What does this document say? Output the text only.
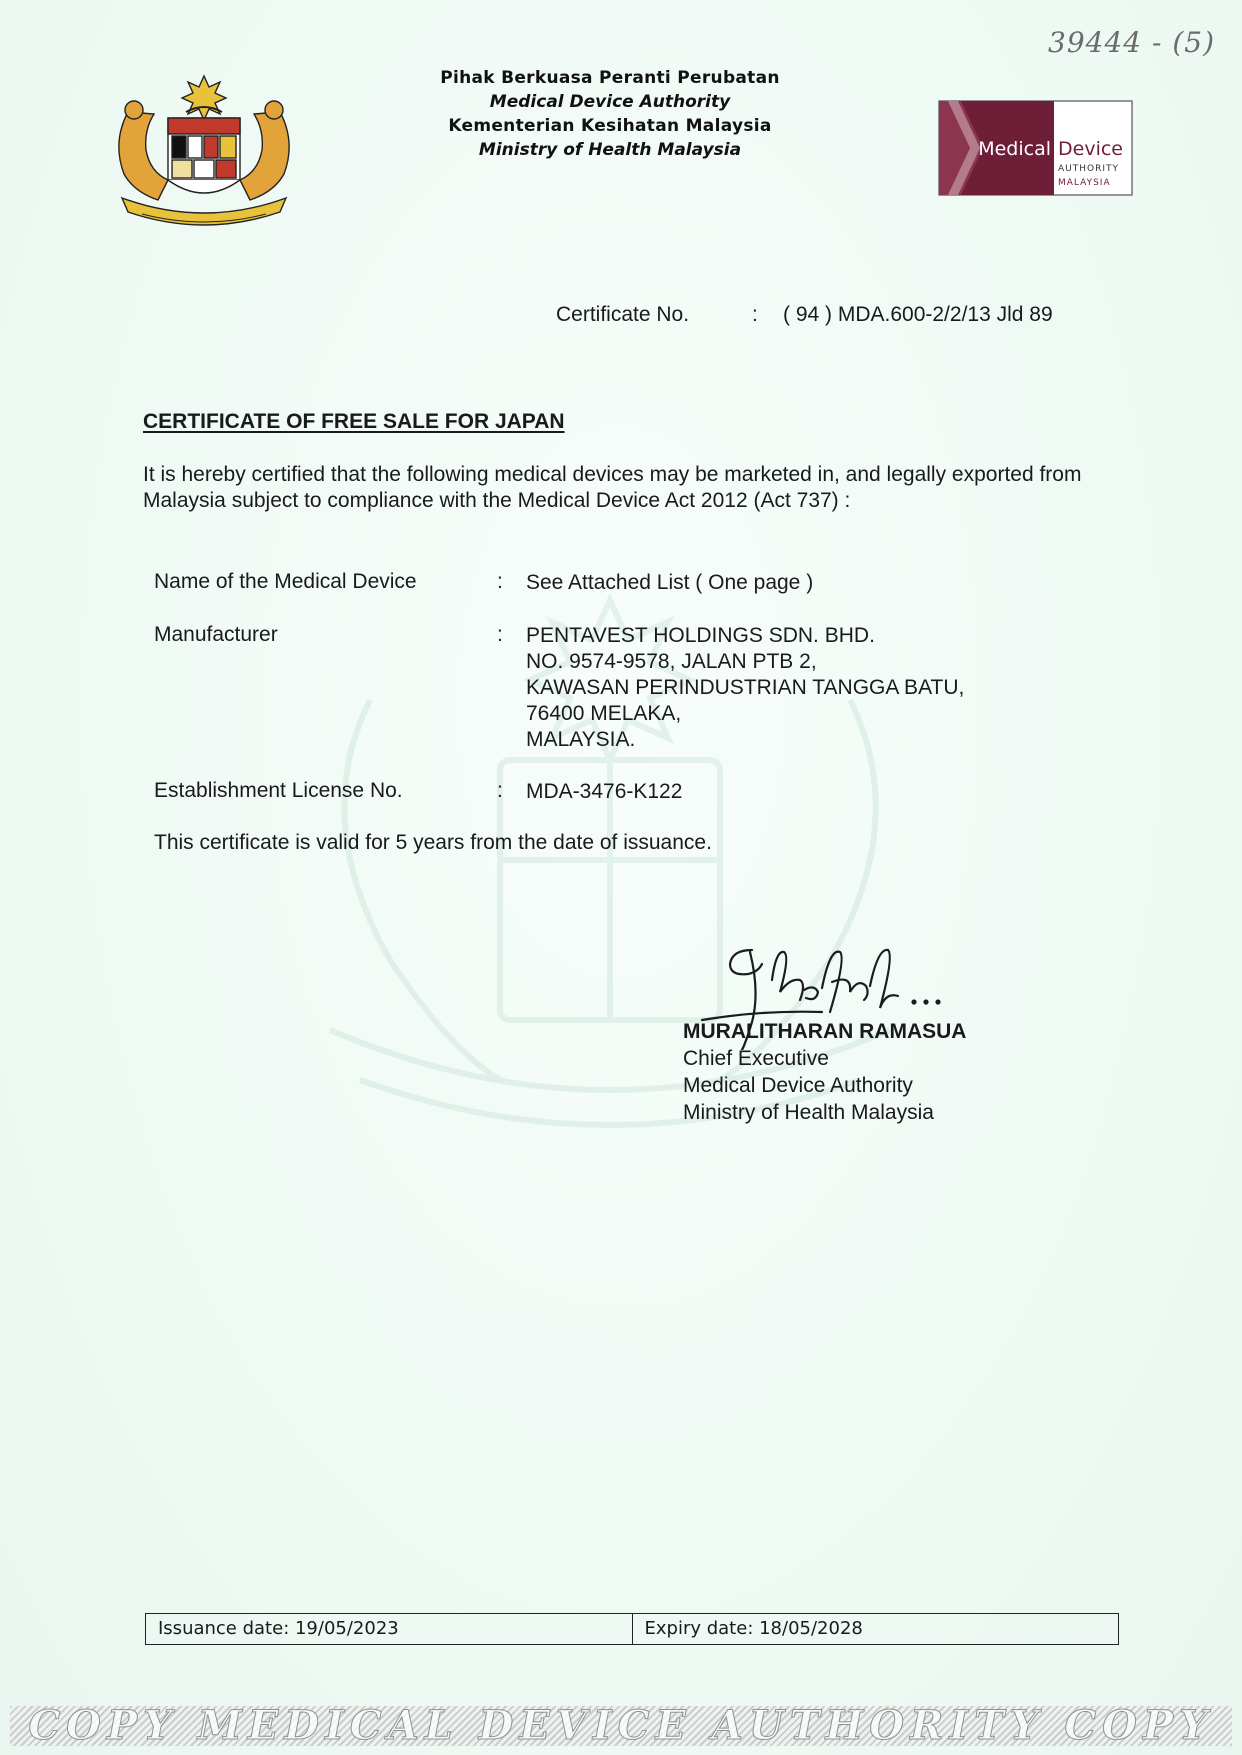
39444 - (5)
Pihak Berkuasa Peranti Perubatan
Medical Device Authority
Kementerian Kesihatan Malaysia
Ministry of Health Malaysia	Medical Device
AUTHORITY
MALAYSIA
Certificate No.	: ( 94 ) MDA.600-2/2/13 Jld 89
CERTIFICATE OF FREE SALE FOR JAPAN
It is hereby certified that the following medical devices may be marketed in, and legally exported from Malaysia subject to compliance with the Medical Device Act 2012 (Act 737) :
Name of the Medical Device	: See Attached List ( One page )
Manufacturer	: PENTAVEST HOLDINGS SDN. BHD.
NO. 9574-9578, JALAN PTB 2,
KAWASAN PERINDUSTRIAN TANGGA BATU,
76400 MELAKA,
MALAYSIA.
Establishment License No.	: MDA-3476-K122
This certificate is valid for 5 years from the date of issuance.
MURALITHARAN RAMASUA
Chief Executive
Medical Device Authority
Ministry of Health Malaysia
Issuance date: 19/05/2023	Expiry date: 18/05/2028
COPY MEDICAL DEVICE AUTHORITY COPY
